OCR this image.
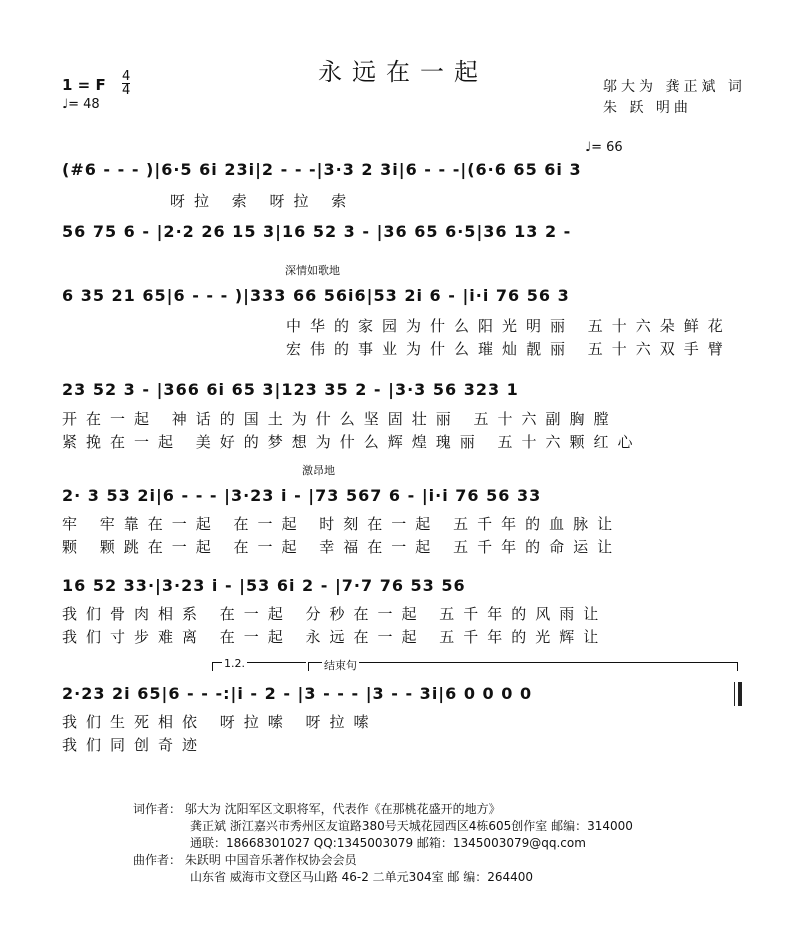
永远在一起
1 = F 4
4
♩= 48
邬大为 龚正斌 词
朱 跃 明曲
♩= 66
(#6 - - - )|6·5 6i 23i|2 - - -|3·3 2 3i|6 - - -|(6·6 65 6i 3
呀拉 索 呀拉 索
56 75 6 - |2·2 26 15 3|16 52 3 - |36 65 6·5|36 13 2 -
深情如歌地
6 35 21 65|6 - - - )|333 66 56i6|53 2i 6 - |i·i 76 56 3
中华的家园为什么阳光明丽 五十六朵鲜花
宏伟的事业为什么璀灿靓丽 五十六双手臂
23 52 3 - |366 6i 65 3|123 35 2 - |3·3 56 323 1
开在一起 神话的国土为什么坚固壮丽 五十六副胸膛
紧挽在一起 美好的梦想为什么辉煌瑰丽 五十六颗红心
激昂地
2· 3 53 2i|6 - - - |3·23 i - |73 567 6 - |i·i 76 56 33
牢 牢靠在一起 在一起 时刻在一起 五千年的血脉让
颗 颗跳在一起 在一起 幸福在一起 五千年的命运让
16 52 33·|3·23 i - |53 6i 2 - |7·7 76 53 56
我们骨肉相系 在一起 分秒在一起 五千年的风雨让
我们寸步难离 在一起 永远在一起 五千年的光辉让
1.2.	结束句
2·23 2i 65|6 - - -:|i - 2 - |3 - - - |3 - - 3i|6 0 0 0 0
我们生死相依 呀拉嗦 呀拉嗦
我们同创奇迹
词作者： 邬大为 沈阳军区文职将军，代表作《在那桃花盛开的地方》
龚正斌 浙江嘉兴市秀州区友谊路380号天城花园西区4栋605创作室 邮编：314000
通联：18668301027 QQ:1345003079 邮箱：1345003079@qq.com
曲作者： 朱跃明 中国音乐著作权协会会员
山东省 威海市文登区马山路 46-2 二单元304室 邮 编：264400
